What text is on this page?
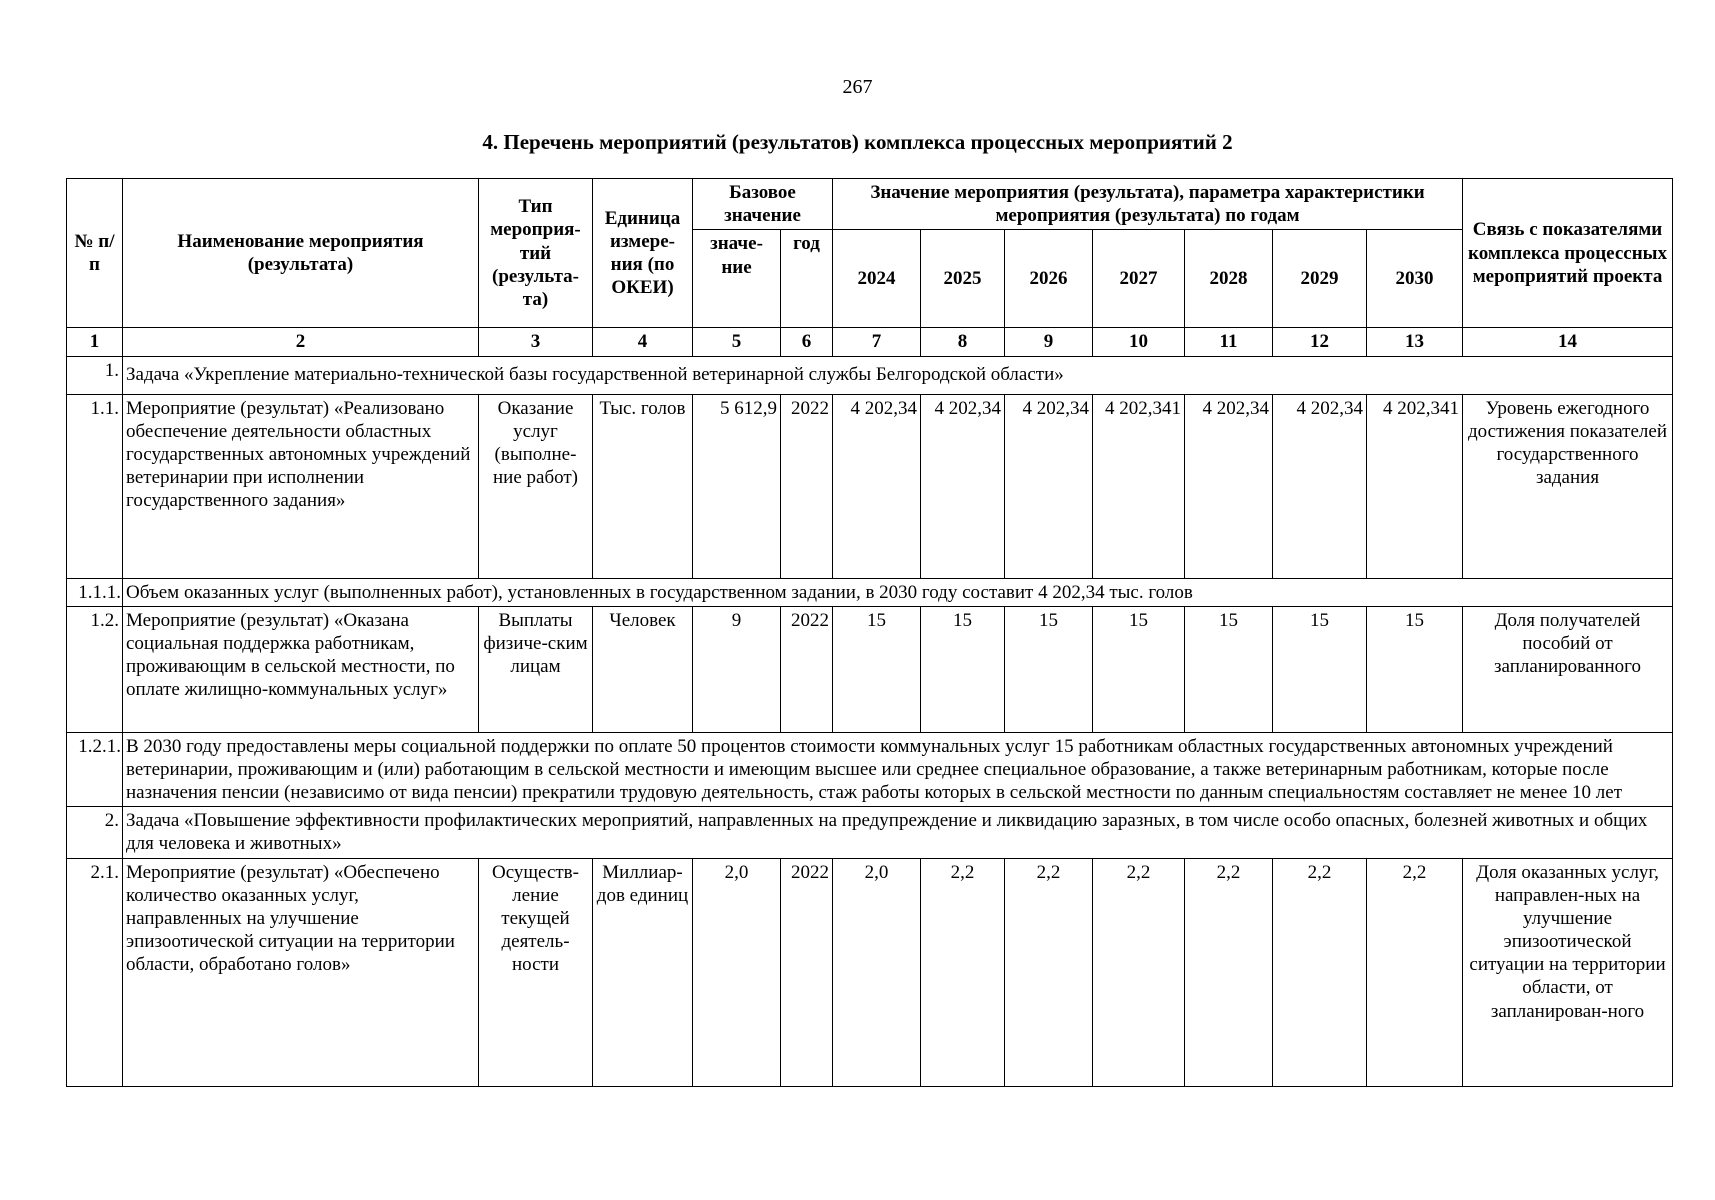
267
4. Перечень мероприятий (результатов) комплекса процессных мероприятий 2
№ п/п	Наименование мероприятия (результата)	Тип мероприя-тий (результа-та)	Единица измере-ния (по ОКЕИ)	Базовое значение		Значение мероприятия (результата), параметра характеристики мероприятия (результата) по годам							Связь с показателями комплекса процессных мероприятий проекта
				значе-ние	год	2024	2025	2026	2027	2028	2029	2030	
1	2	3	4	5	6	7	8	9	10	11	12	13	14
1.	Задача «Укрепление материально-технической базы государственной ветеринарной службы Белгородской области»												
1.1.	Мероприятие (результат) «Реализовано обеспечение деятельности областных государственных автономных учреждений ветеринарии при исполнении государственного задания»	Оказание услуг (выполне-ние работ)	Тыс. голов	5 612,9	2022	4 202,34	4 202,34	4 202,34	4 202,341	4 202,34	4 202,34	4 202,341	Уровень ежегодного достижения показателей государственного задания
1.1.1.	Объем оказанных услуг (выполненных работ), установленных в государственном задании, в 2030 году составит 4 202,34 тыс. голов												
1.2.	Мероприятие (результат) «Оказана социальная поддержка работникам, проживающим в сельской местности, по оплате жилищно-коммунальных услуг»	Выплаты физиче-ским лицам	Человек	9	2022	15	15	15	15	15	15	15	Доля получателей пособий от запланированного
1.2.1.	В 2030 году предоставлены меры социальной поддержки по оплате 50 процентов стоимости коммунальных услуг 15 работникам областных государственных автономных учреждений ветеринарии, проживающим и (или) работающим в сельской местности и имеющим высшее или среднее специальное образование, а также ветеринарным работникам, которые после назначения пенсии (независимо от вида пенсии) прекратили трудовую деятельность, стаж работы которых в сельской местности по данным специальностям составляет не менее 10 лет												
2.	Задача «Повышение эффективности профилактических мероприятий, направленных на предупреждение и ликвидацию заразных, в том числе особо опасных, болезней животных и общих для человека и животных»												
2.1.	Мероприятие (результат) «Обеспечено количество оказанных услуг, направленных на улучшение эпизоотической ситуации на территории области, обработано голов»	Осуществ-ление текущей деятель-ности	Миллиар-дов единиц	2,0	2022	2,0	2,2	2,2	2,2	2,2	2,2	2,2	Доля оказанных услуг, направлен-ных на улучшение эпизоотической ситуации на территории области, от запланирован-ного
